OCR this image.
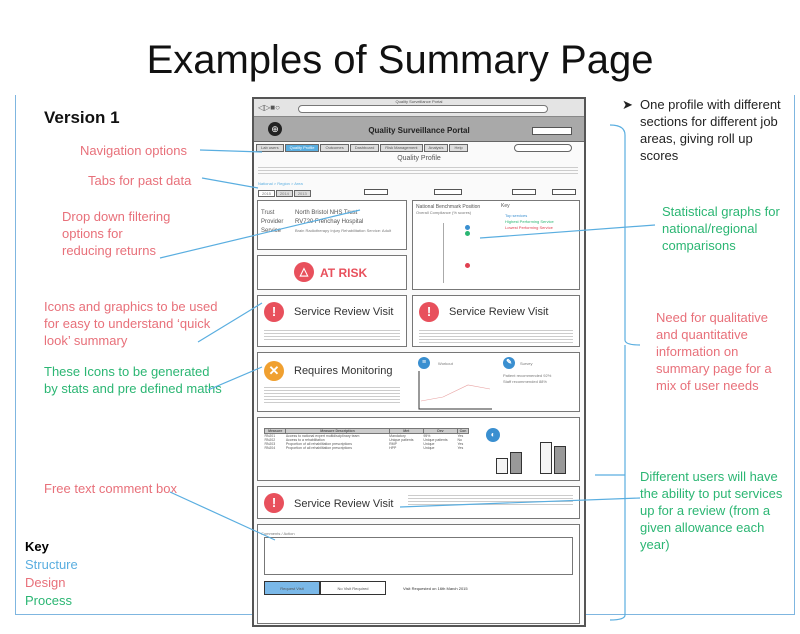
Examples of Summary Page
Version 1
Navigation options
Tabs for past data
Drop down filtering options for reducing returns
Icons and graphics to be used for easy to understand ‘quick look’ summary
These Icons to be generated by stats and pre defined maths
Free text comment box
➤ One profile with different sections for different job areas, giving roll up scores
Statistical graphs for national/regional comparisons
Need for qualitative and quantitative information on summary page for a mix of user needs
Different users will have the ability to put services up for a review (from a given allowance each year)
Key
Structure
Design
Process
◁▷■○
Quality Surveillance Portal
⊕	Quality Surveillance Portal
Lab users	Quality Profile	Outcomes	Dashboard	Risk Management	Analysis	Help
Quality Profile
National > Region > Area
2015	2014	2013
Trust	North Bristol NHS Trust
Provider	RV720 Frenchay Hospital
Service	Brain Radiotherapy Injury Rehabilitation Service: Adult
National Benchmark Position
Overall Compliance (% scores)
Key
Top services
Highest Performing Service
Lowest Performing Service
△ AT RISK
!	Service Review Visit	!	Service Review Visit
✕	Requires Monitoring
≡	Workout	✎	Survey
Patient recommended 92%
Staff recommended 88%
Measure	Measure Description	Met	Dev	Con
RNJ01	Access to national expert multidisciplinary team	Mandatory	95%	Yes
RNJ02	Access to a rehabilitation	Unique patients	Unique patients	No
RNJ03	Proportion of all rehabilitation prescriptions	RMP	Unique	Yes
RNJ04	Proportion of all rehabilitation prescriptions	HPP	Unique	Yes
◐
!	Service Review Visit
Comments / Action
Request Visit	No Visit Required	Visit Requested on 16th March 2015
